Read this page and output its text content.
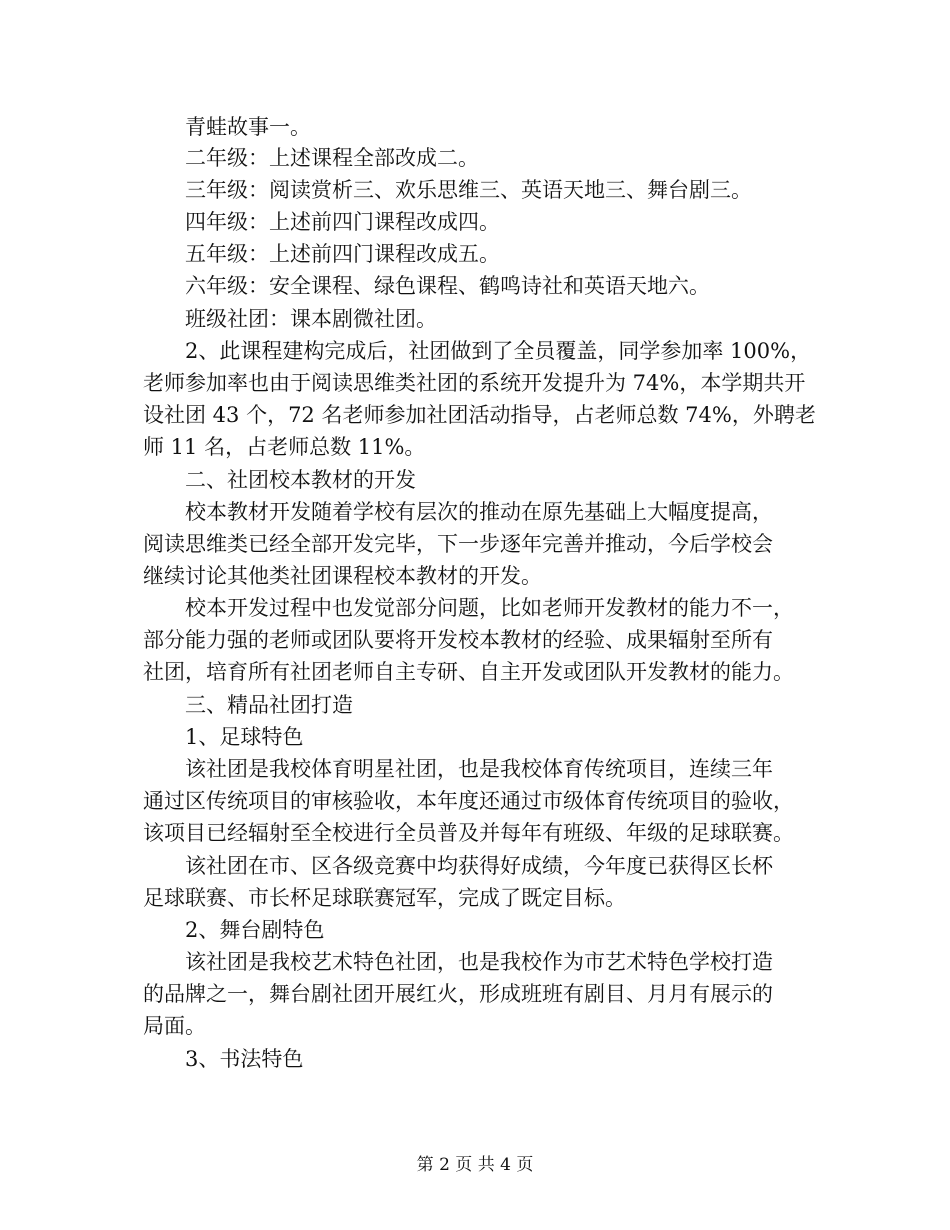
青蛙故事一。
二年级：上述课程全部改成二。
三年级：阅读赏析三、欢乐思维三、英语天地三、舞台剧三。
四年级：上述前四门课程改成四。
五年级：上述前四门课程改成五。
六年级：安全课程、绿色课程、鹤鸣诗社和英语天地六。
班级社团：课本剧微社团。
2、此课程建构完成后，社团做到了全员覆盖，同学参加率 100%，
老师参加率也由于阅读思维类社团的系统开发提升为 74%，本学期共开
设社团 43 个，72 名老师参加社团活动指导，占老师总数 74%，外聘老
师 11 名，占老师总数 11%。
二、社团校本教材的开发
校本教材开发随着学校有层次的推动在原先基础上大幅度提高，
阅读思维类已经全部开发完毕，下一步逐年完善并推动，今后学校会
继续讨论其他类社团课程校本教材的开发。
校本开发过程中也发觉部分问题，比如老师开发教材的能力不一，
部分能力强的老师或团队要将开发校本教材的经验、成果辐射至所有
社团，培育所有社团老师自主专研、自主开发或团队开发教材的能力。
三、精品社团打造
1、足球特色
该社团是我校体育明星社团，也是我校体育传统项目，连续三年
通过区传统项目的审核验收，本年度还通过市级体育传统项目的验收，
该项目已经辐射至全校进行全员普及并每年有班级、年级的足球联赛。
该社团在市、区各级竞赛中均获得好成绩，今年度已获得区长杯
足球联赛、市长杯足球联赛冠军，完成了既定目标。
2、舞台剧特色
该社团是我校艺术特色社团，也是我校作为市艺术特色学校打造
的品牌之一，舞台剧社团开展红火，形成班班有剧目、月月有展示的
局面。
3、书法特色
第 2 页 共 4 页
